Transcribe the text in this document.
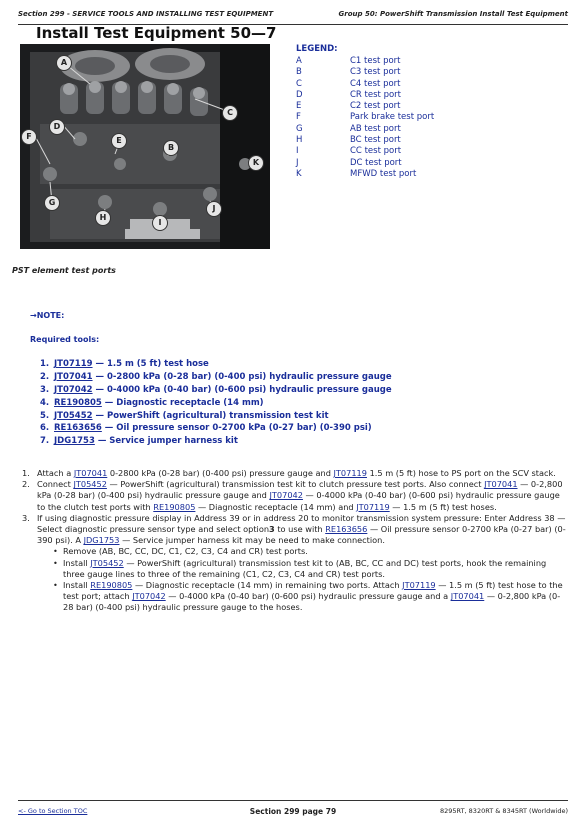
Section 299 - SERVICE TOOLS AND INSTALLING TEST EQUIPMENT	Group 50: PowerShift Transmission Install Test Equipment
Install Test Equipment 50—7
A
B
C
D
E
F
G
H
I
J
K
LEGEND:
A	C1 test port
B	C3 test port
C	C4 test port
D	CR test port
E	C2 test port
F	Park brake test port
G	AB test port
H	BC test port
I	CC test port
J	DC test port
K	MFWD test port
PST element test ports
→NOTE:
Required tools:
1. JT07119 — 1.5 m (5 ft) test hose
2. JT07041 — 0-2800 kPa (0-28 bar) (0-400 psi) hydraulic pressure gauge
3. JT07042 — 0-4000 kPa (0-40 bar) (0-600 psi) hydraulic pressure gauge
4. RE190805 — Diagnostic receptacle (14 mm)
5. JT05452 — PowerShift (agricultural) transmission test kit
6. RE163656 — Oil pressure sensor 0-2700 kPa (0-27 bar) (0-390 psi)
7. JDG1753 — Service jumper harness kit
1. Attach a JT07041 0-2800 kPa (0-28 bar) (0-400 psi) pressure gauge and JT07119 1.5 m (5 ft) hose to PS port on the SCV stack.
2. Connect JT05452 — PowerShift (agricultural) transmission test kit to clutch pressure test ports. Also connect JT07041 — 0-2,800 kPa (0-28 bar) (0-400 psi) hydraulic pressure gauge and JT07042 — 0-4000 kPa (0-40 bar) (0-600 psi) hydraulic pressure gauge to the clutch test ports with RE190805 — Diagnostic receptacle (14 mm) and JT07119 — 1.5 m (5 ft) test hoses.
3. If using diagnostic pressure display in Address 39 or in address 20 to monitor transmission system pressure: Enter Address 38 — Select diagnostic pressure sensor type and select option3 to use with RE163656 — Oil pressure sensor 0-2700 kPa (0-27 bar) (0-390 psi). A JDG1753 — Service jumper harness kit may be need to make connection.
• Remove (AB, BC, CC, DC, C1, C2, C3, C4 and CR) test ports.
• Install JT05452 — PowerShift (agricultural) transmission test kit to (AB, BC, CC and DC) test ports, hook the remaining three gauge lines to three of the remaining (C1, C2, C3, C4 and CR) test ports.
• Install RE190805 — Diagnostic receptacle (14 mm) in remaining two ports. Attach JT07119 — 1.5 m (5 ft) test hose to the test port; attach JT07042 — 0-4000 kPa (0-40 bar) (0-600 psi) hydraulic pressure gauge and a JT07041 — 0-2,800 kPa (0-28 bar) (0-400 psi) hydraulic pressure gauge to the hoses.
<- Go to Section TOC	Section 299 page 79	8295RT, 8320RT & 8345RT (Worldwide)
